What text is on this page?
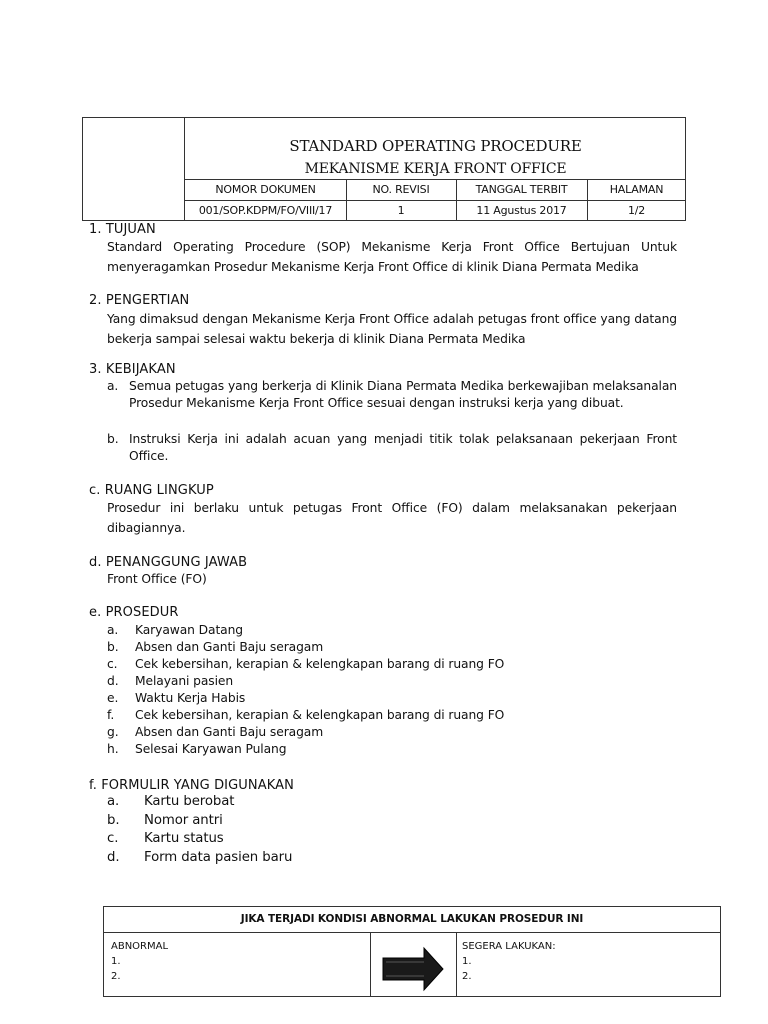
STANDARD OPERATING PROCEDURE
MEKANISME KERJA FRONT OFFICE
NOMOR DOKUMEN	NO. REVISI	TANGGAL TERBIT	HALAMAN
001/SOP.KDPM/FO/VIII/17	1	11 Agustus 2017	1/2
1. TUJUAN
Standard Operating Procedure (SOP) Mekanisme Kerja Front Office Bertujuan Untuk menyeragamkan Prosedur Mekanisme Kerja Front Office di klinik Diana Permata Medika
2. PENGERTIAN
Yang dimaksud dengan Mekanisme Kerja Front Office adalah petugas front office yang datang bekerja sampai selesai waktu bekerja di klinik Diana Permata Medika
3. KEBIJAKAN
a. Semua petugas yang berkerja di Klinik Diana Permata Medika berkewajiban melaksanalan Prosedur Mekanisme Kerja Front Office sesuai dengan instruksi kerja yang dibuat.
b. Instruksi Kerja ini adalah acuan yang menjadi titik tolak pelaksanaan pekerjaan Front Office.
c. RUANG LINGKUP
Prosedur ini berlaku untuk petugas Front Office (FO) dalam melaksanakan pekerjaan dibagiannya.
d. PENANGGUNG JAWAB
Front Office (FO)
e. PROSEDUR
a. Karyawan Datang
b. Absen dan Ganti Baju seragam
c. Cek kebersihan, kerapian & kelengkapan barang di ruang FO
d. Melayani pasien
e. Waktu Kerja Habis
f. Cek kebersihan, kerapian & kelengkapan barang di ruang FO
g. Absen dan Ganti Baju seragam
h. Selesai Karyawan Pulang
f. FORMULIR YANG DIGUNAKAN
a. Kartu berobat
b. Nomor antri
c. Kartu status
d. Form data pasien baru
JIKA TERJADI KONDISI ABNORMAL LAKUKAN PROSEDUR INI
ABNORMAL
1.
2.
SEGERA LAKUKAN:
1.
2.
